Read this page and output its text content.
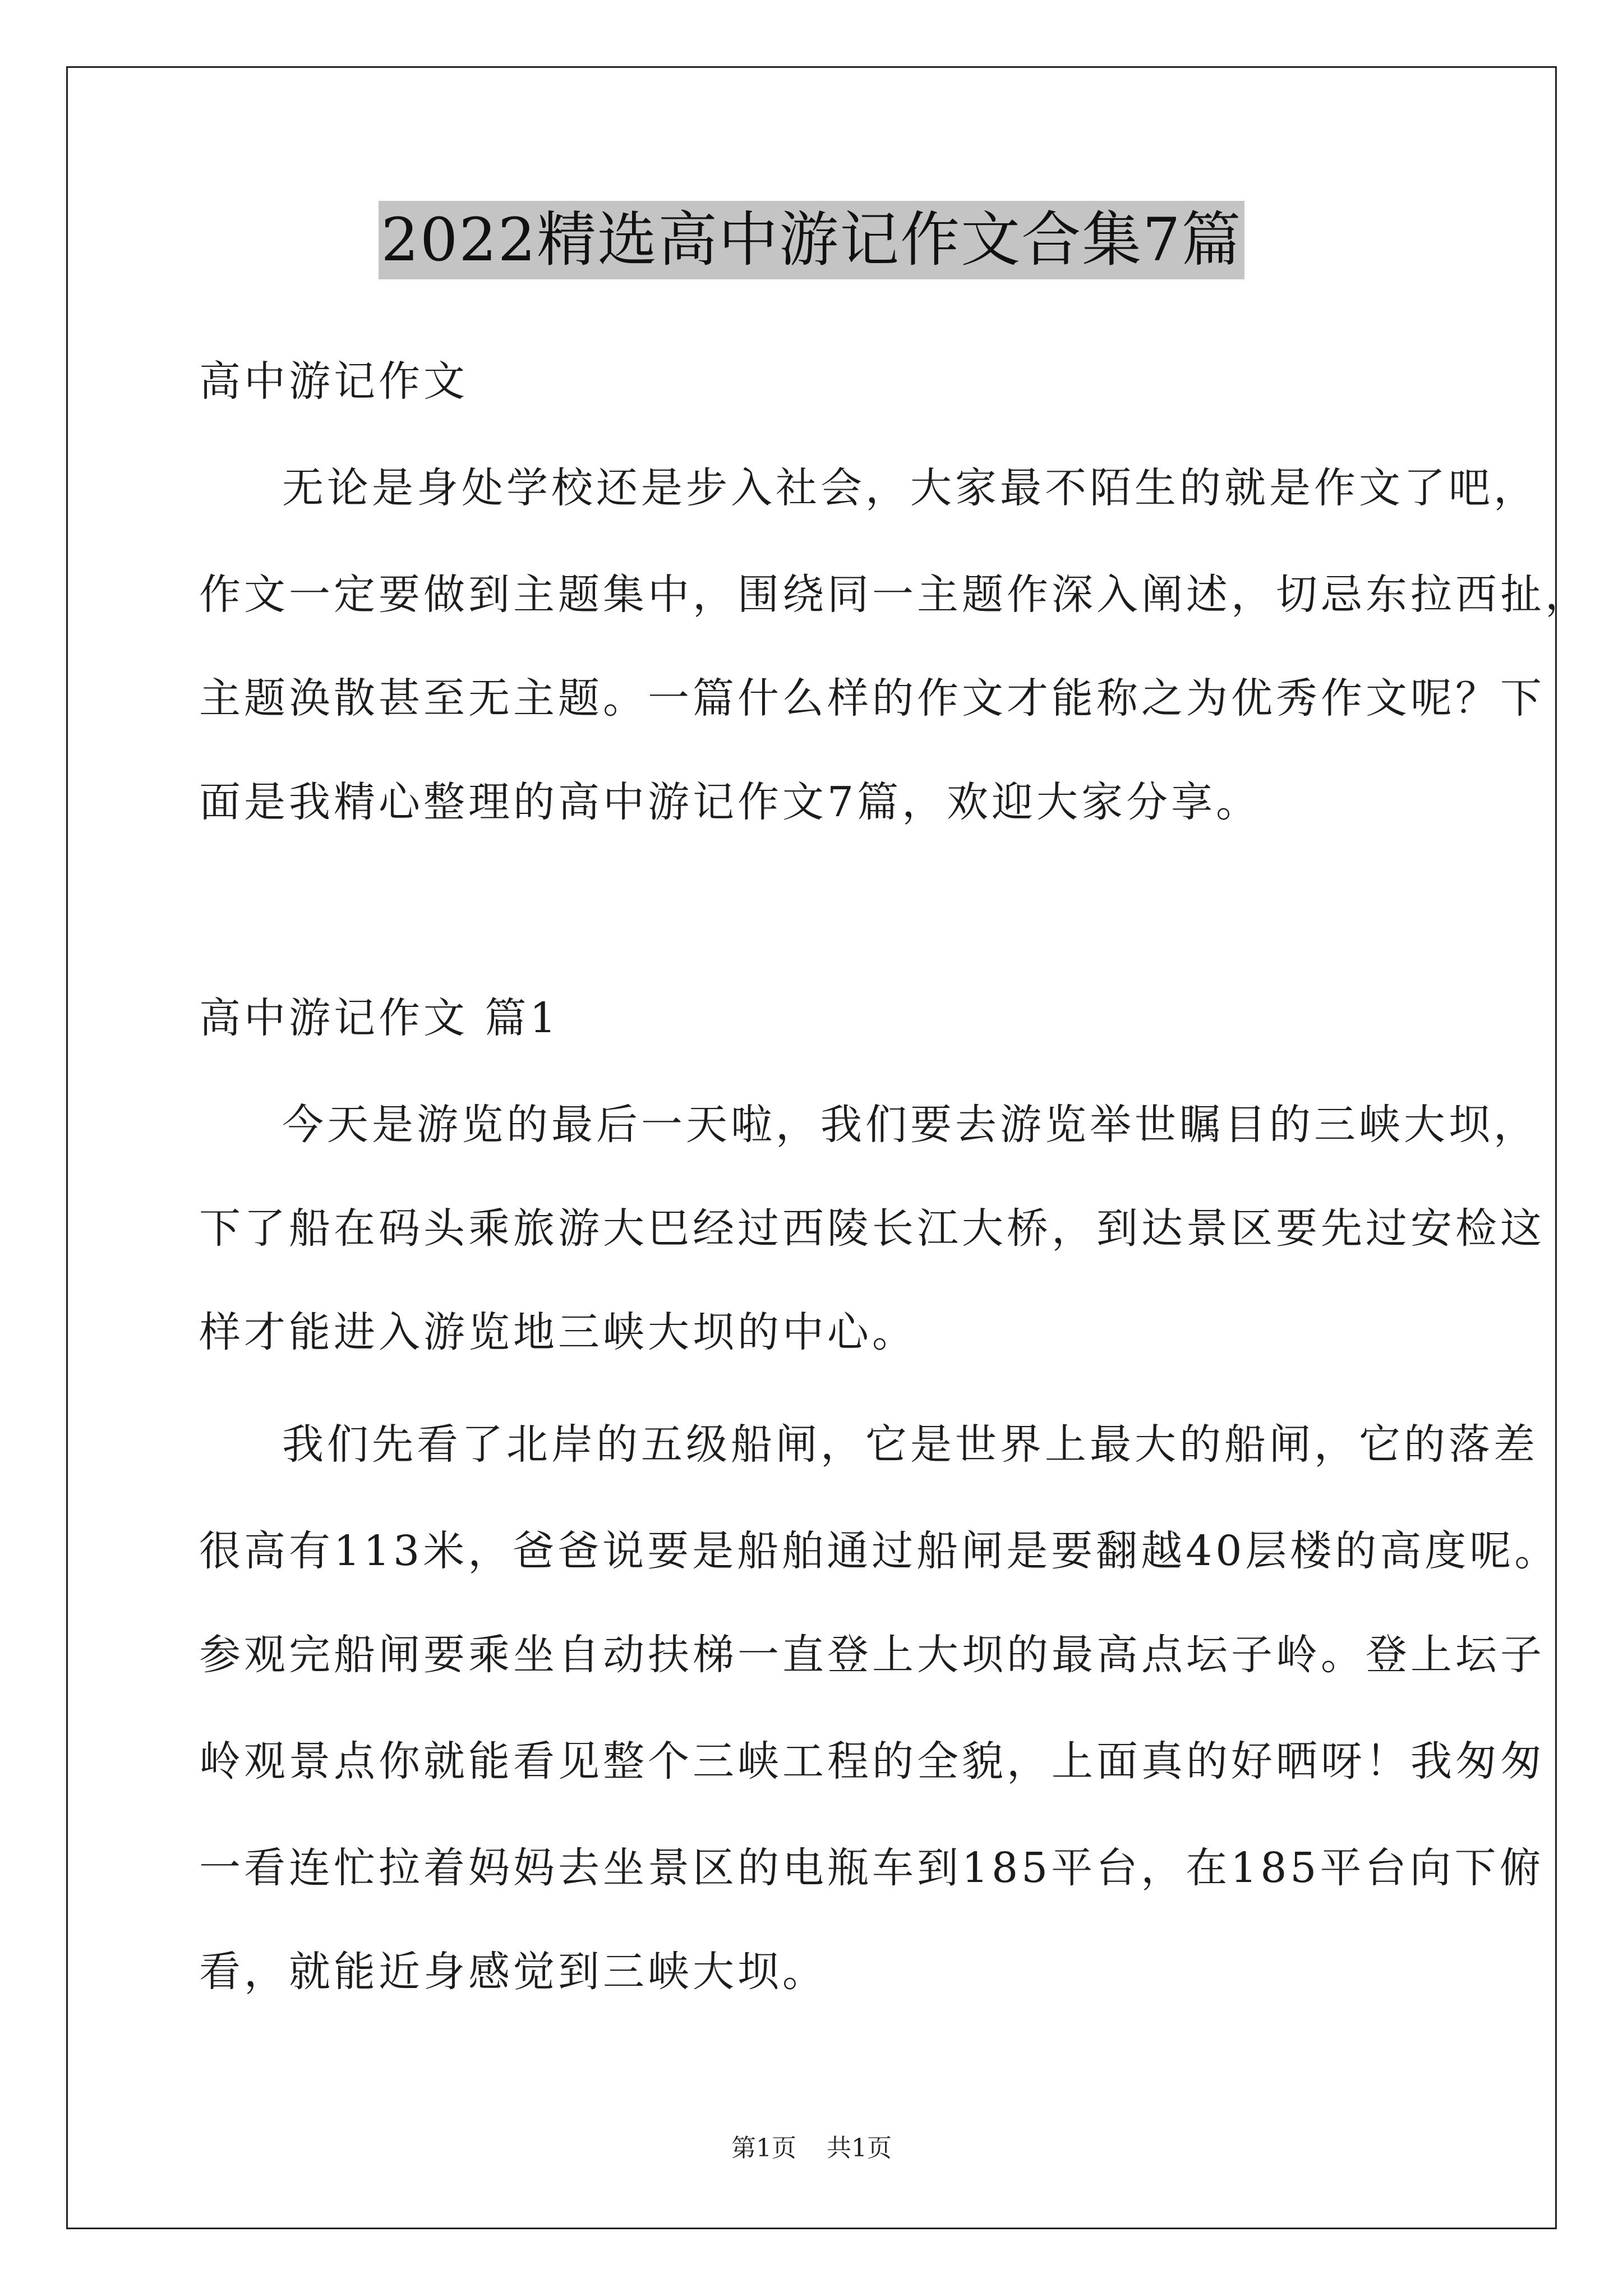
2022精选高中游记作文合集7篇
高中游记作文
无论是身处学校还是步入社会，大家最不陌生的就是作文了吧，
作文一定要做到主题集中，围绕同一主题作深入阐述，切忌东拉西扯，
主题涣散甚至无主题。一篇什么样的作文才能称之为优秀作文呢？下
面是我精心整理的高中游记作文7篇，欢迎大家分享。
高中游记作文 篇1
今天是游览的最后一天啦，我们要去游览举世瞩目的三峡大坝，
下了船在码头乘旅游大巴经过西陵长江大桥，到达景区要先过安检这
样才能进入游览地三峡大坝的中心。
我们先看了北岸的五级船闸，它是世界上最大的船闸，它的落差
很高有113米，爸爸说要是船舶通过船闸是要翻越40层楼的高度呢。
参观完船闸要乘坐自动扶梯一直登上大坝的最高点坛子岭。登上坛子
岭观景点你就能看见整个三峡工程的全貌，上面真的好晒呀！我匆匆
一看连忙拉着妈妈去坐景区的电瓶车到185平台，在185平台向下俯
看，就能近身感觉到三峡大坝。
第1页 共1页
